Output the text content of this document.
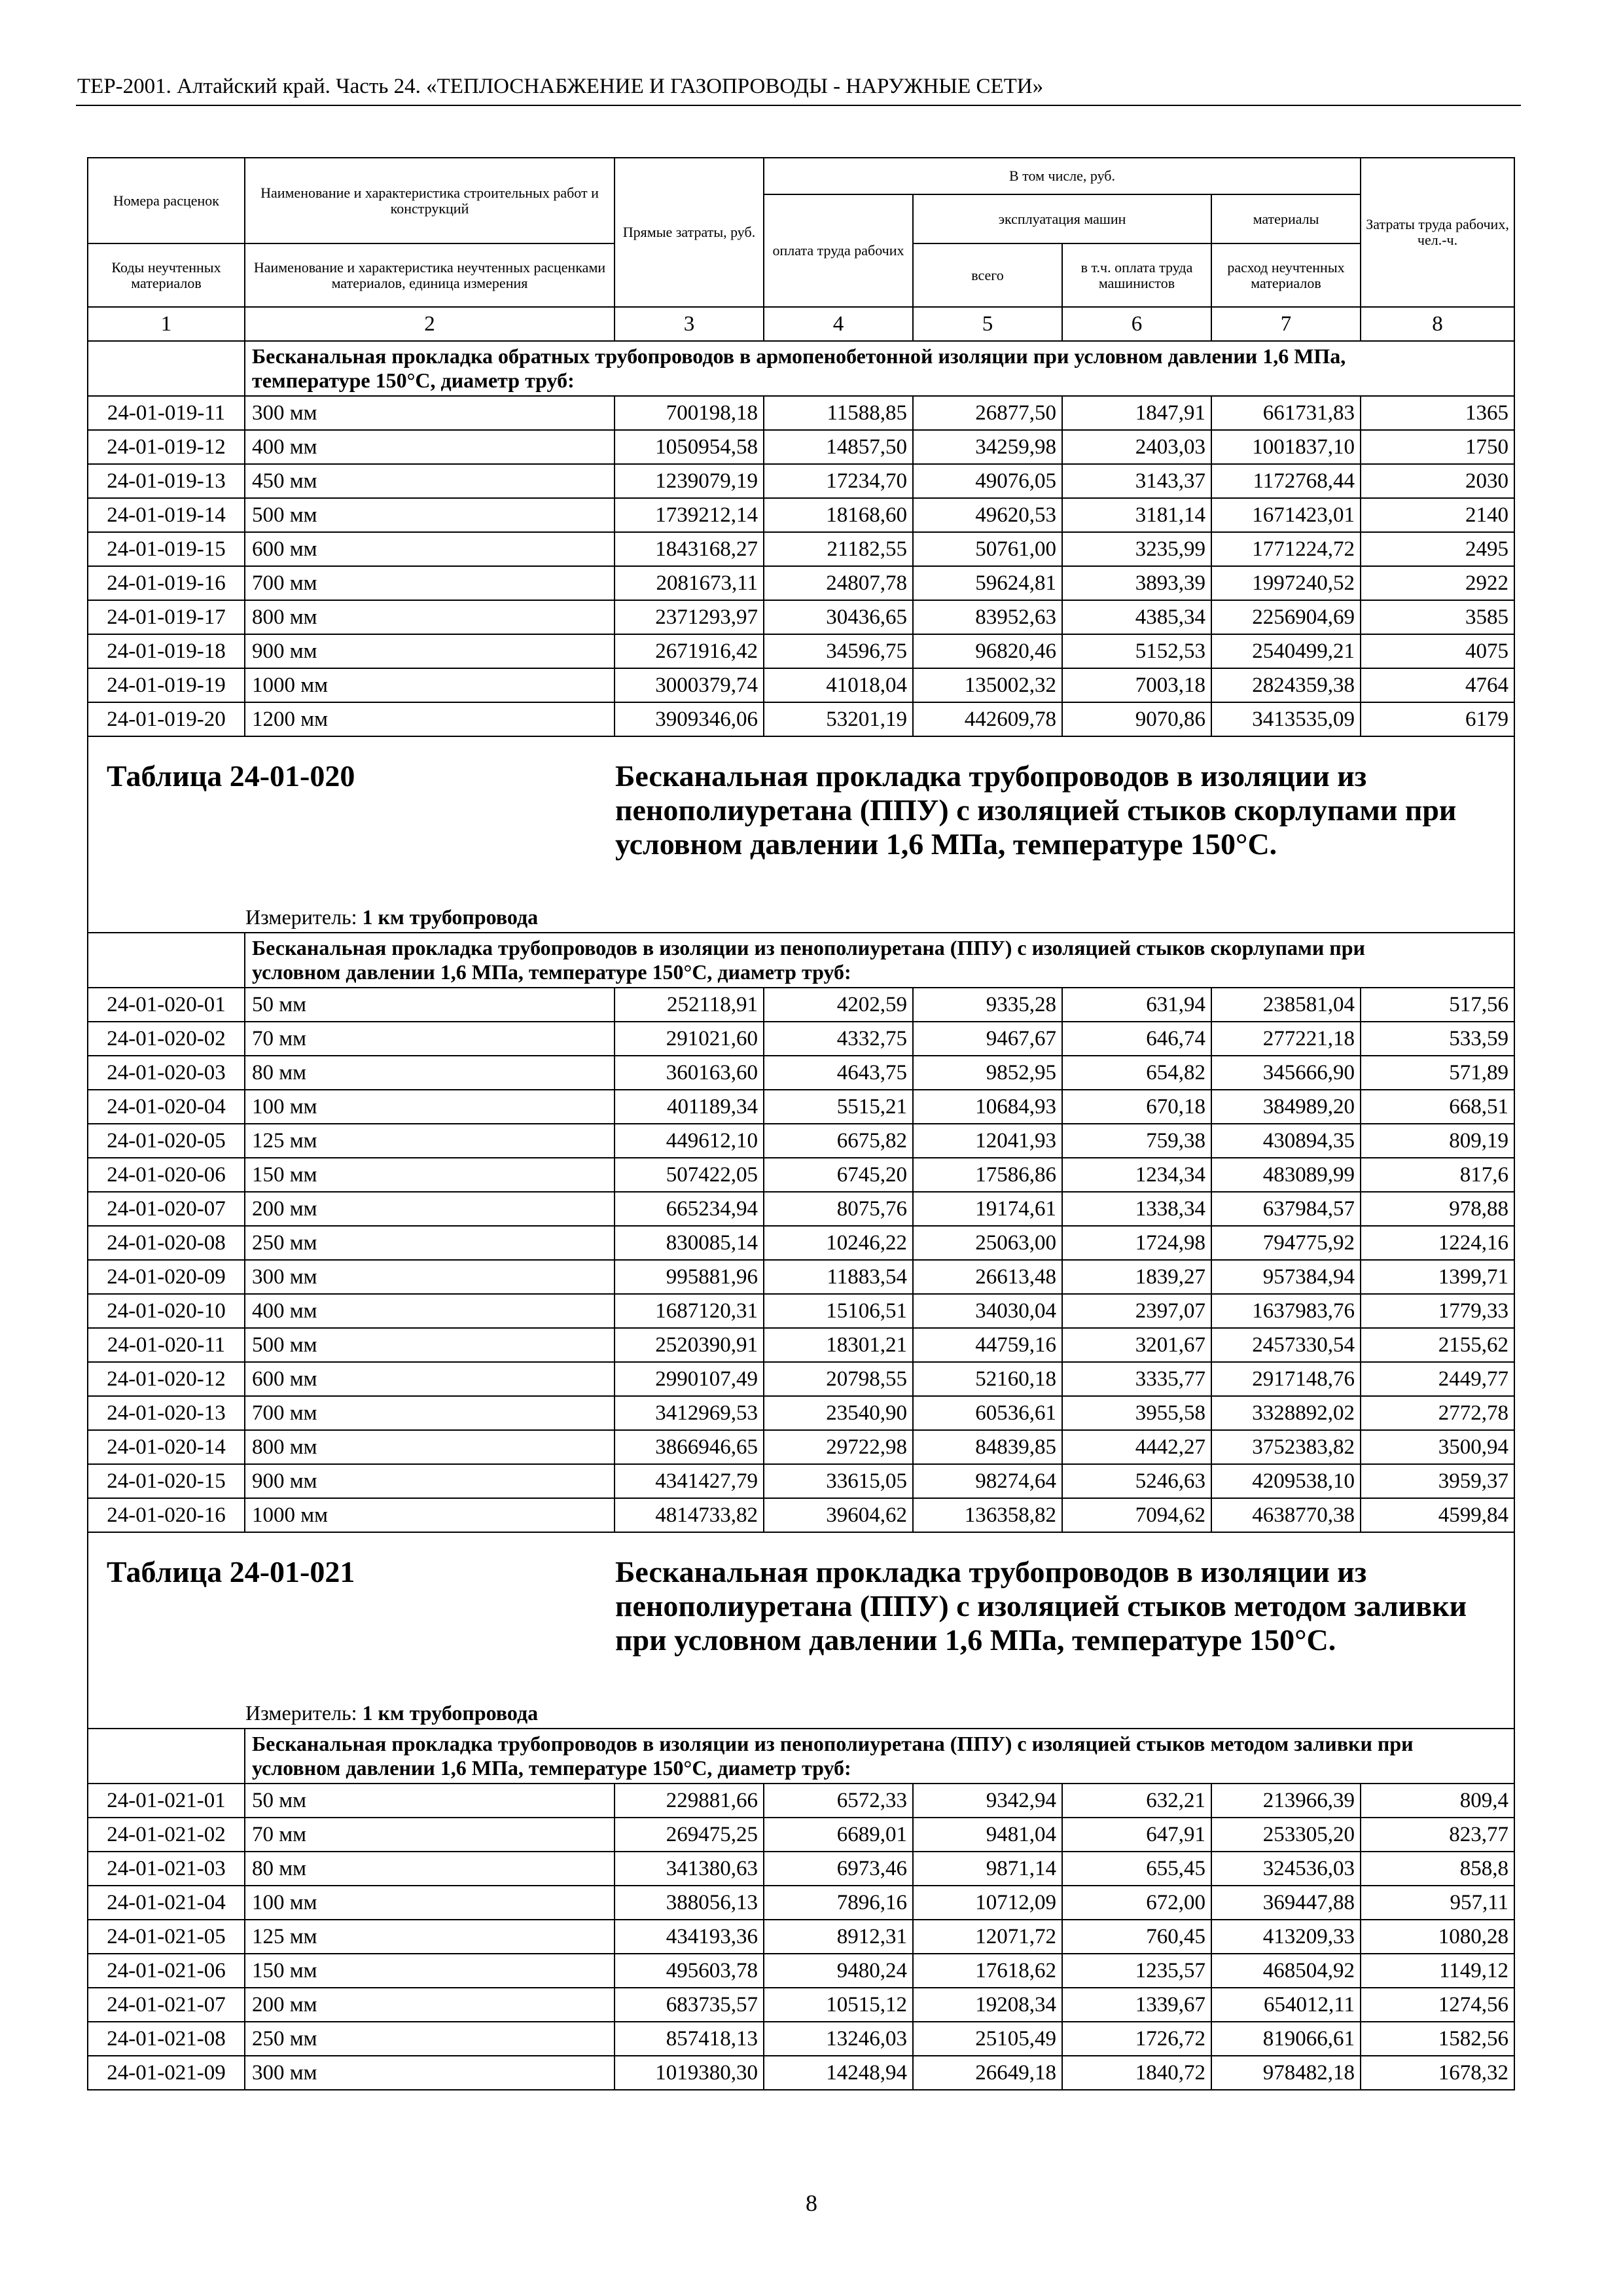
ТЕР-2001. Алтайский край. Часть 24. «ТЕПЛОСНАБЖЕНИЕ И ГАЗОПРОВОДЫ - НАРУЖНЫЕ СЕТИ»
Номера расценок	Наименование и характеристика строительных работ и конструкций	Прямые затраты, руб.	В том числе, руб.				Затраты труда рабочих, чел.-ч.
			оплата труда рабочих	эксплуатация машин		материалы	
Коды неучтенных материалов	Наименование и характеристика неучтенных расценками материалов, единица измерения			всего	в т.ч. оплата труда машинистов	расход неучтенных материалов	
1	2	3	4	5	6	7	8
	Бесканальная прокладка обратных трубопроводов в армопенобетонной изоляции при условном давлении 1,6 МПа, температуре 150°С, диаметр труб:						
24-01-019-11	300 мм	700198,18	11588,85	26877,50	1847,91	661731,83	1365
24-01-019-12	400 мм	1050954,58	14857,50	34259,98	2403,03	1001837,10	1750
24-01-019-13	450 мм	1239079,19	17234,70	49076,05	3143,37	1172768,44	2030
24-01-019-14	500 мм	1739212,14	18168,60	49620,53	3181,14	1671423,01	2140
24-01-019-15	600 мм	1843168,27	21182,55	50761,00	3235,99	1771224,72	2495
24-01-019-16	700 мм	2081673,11	24807,78	59624,81	3893,39	1997240,52	2922
24-01-019-17	800 мм	2371293,97	30436,65	83952,63	4385,34	2256904,69	3585
24-01-019-18	900 мм	2671916,42	34596,75	96820,46	5152,53	2540499,21	4075
24-01-019-19	1000 мм	3000379,74	41018,04	135002,32	7003,18	2824359,38	4764
24-01-019-20	1200 мм	3909346,06	53201,19	442609,78	9070,86	3413535,09	6179

Таблица 24-01-020 Бесканальная прокладка трубопроводов в изоляции из пенополиуретана (ППУ) с изоляцией стыков скорлупами при условном давлении 1,6 МПа, температуре 150°С.
Измеритель: 1 км трубопровода							

	Бесканальная прокладка трубопроводов в изоляции из пенополиуретана (ППУ) с изоляцией стыков скорлупами при условном давлении 1,6 МПа, температуре 150°С, диаметр труб:						
24-01-020-01	50 мм	252118,91	4202,59	9335,28	631,94	238581,04	517,56
24-01-020-02	70 мм	291021,60	4332,75	9467,67	646,74	277221,18	533,59
24-01-020-03	80 мм	360163,60	4643,75	9852,95	654,82	345666,90	571,89
24-01-020-04	100 мм	401189,34	5515,21	10684,93	670,18	384989,20	668,51
24-01-020-05	125 мм	449612,10	6675,82	12041,93	759,38	430894,35	809,19
24-01-020-06	150 мм	507422,05	6745,20	17586,86	1234,34	483089,99	817,6
24-01-020-07	200 мм	665234,94	8075,76	19174,61	1338,34	637984,57	978,88
24-01-020-08	250 мм	830085,14	10246,22	25063,00	1724,98	794775,92	1224,16
24-01-020-09	300 мм	995881,96	11883,54	26613,48	1839,27	957384,94	1399,71
24-01-020-10	400 мм	1687120,31	15106,51	34030,04	2397,07	1637983,76	1779,33
24-01-020-11	500 мм	2520390,91	18301,21	44759,16	3201,67	2457330,54	2155,62
24-01-020-12	600 мм	2990107,49	20798,55	52160,18	3335,77	2917148,76	2449,77
24-01-020-13	700 мм	3412969,53	23540,90	60536,61	3955,58	3328892,02	2772,78
24-01-020-14	800 мм	3866946,65	29722,98	84839,85	4442,27	3752383,82	3500,94
24-01-020-15	900 мм	4341427,79	33615,05	98274,64	5246,63	4209538,10	3959,37
24-01-020-16	1000 мм	4814733,82	39604,62	136358,82	7094,62	4638770,38	4599,84

Таблица 24-01-021 Бесканальная прокладка трубопроводов в изоляции из пенополиуретана (ППУ) с изоляцией стыков методом заливки при условном давлении 1,6 МПа, температуре 150°С.
Измеритель: 1 км трубопровода							

	Бесканальная прокладка трубопроводов в изоляции из пенополиуретана (ППУ) с изоляцией стыков методом заливки при условном давлении 1,6 МПа, температуре 150°С, диаметр труб:						
24-01-021-01	50 мм	229881,66	6572,33	9342,94	632,21	213966,39	809,4
24-01-021-02	70 мм	269475,25	6689,01	9481,04	647,91	253305,20	823,77
24-01-021-03	80 мм	341380,63	6973,46	9871,14	655,45	324536,03	858,8
24-01-021-04	100 мм	388056,13	7896,16	10712,09	672,00	369447,88	957,11
24-01-021-05	125 мм	434193,36	8912,31	12071,72	760,45	413209,33	1080,28
24-01-021-06	150 мм	495603,78	9480,24	17618,62	1235,57	468504,92	1149,12
24-01-021-07	200 мм	683735,57	10515,12	19208,34	1339,67	654012,11	1274,56
24-01-021-08	250 мм	857418,13	13246,03	25105,49	1726,72	819066,61	1582,56
24-01-021-09	300 мм	1019380,30	14248,94	26649,18	1840,72	978482,18	1678,32
8
